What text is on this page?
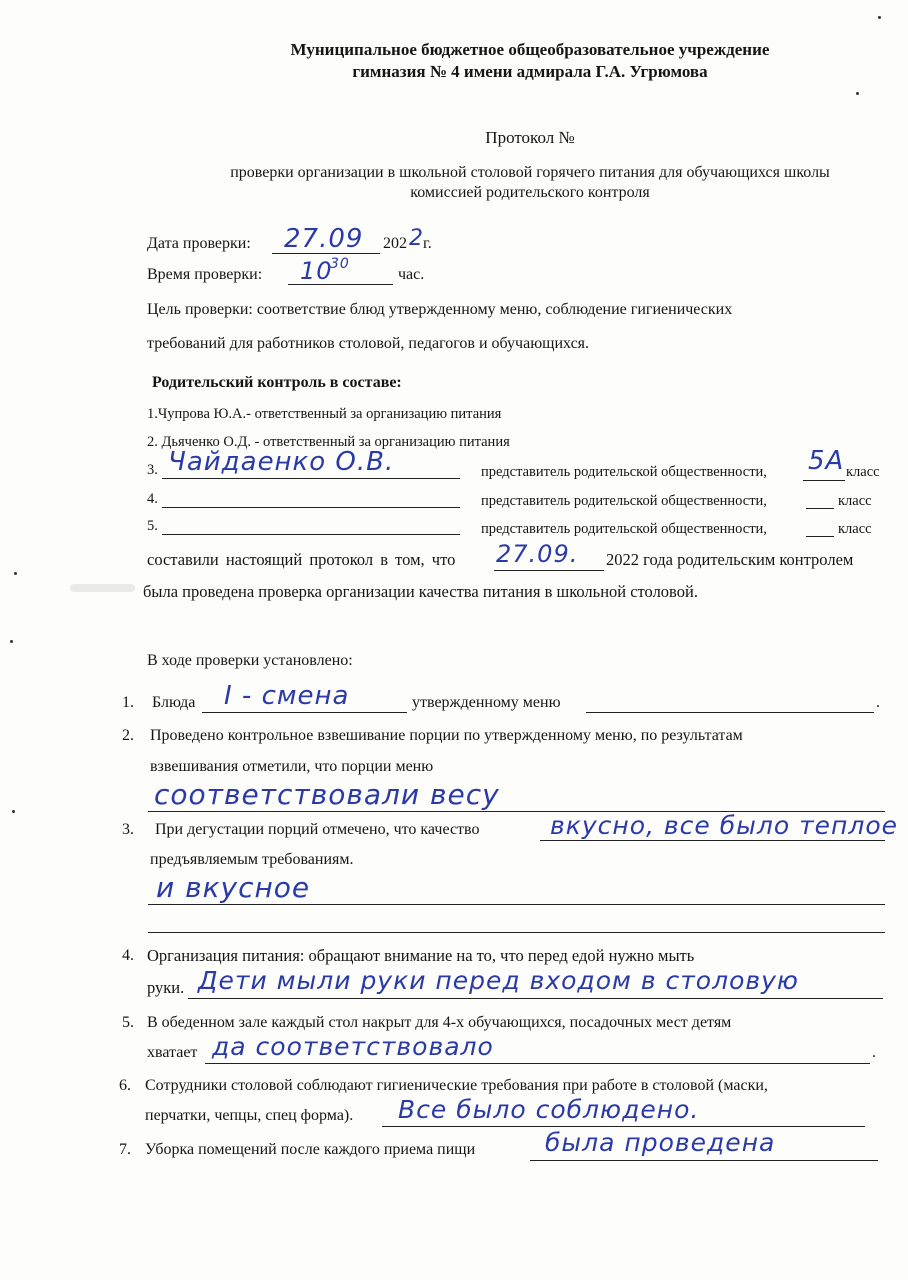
Муниципальное бюджетное общеобразовательное учреждение
гимназия № 4 имени адмирала Г.А. Угрюмова
Протокол №
проверки организации в школьной столовой горячего питания для обучающихся школы
комиссией родительского контроля
Дата проверки: 27.09 202 2 г.
Время проверки: 10
30
час.
Цель проверки: соответствие блюд утвержденному меню, соблюдение гигиенических
требований для работников столовой, педагогов и обучающихся.
Родительский контроль в составе:
1.Чупрова Ю.А.- ответственный за организацию питания
2. Дьяченко О.Д. - ответственный за организацию питания
3. Чайдаенко О.В.	представитель родительской общественности, 5А класс
4.	представитель родительской общественности,	класс
5.	представитель родительской общественности,	класс
составили настоящий протокол в том, что 27.09. 2022 года родительским контролем
была проведена проверка организации качества питания в школьной столовой.
В ходе проверки установлено:
1. Блюда I - смена	утвержденному меню	.
2. Проведено контрольное взвешивание порции по утвержденному меню, по результатам
взвешивания отметили, что порции меню
соответствовали весу
3. При дегустации порций отмечено, что качество	вкусно, все было теплое
предъявляемым требованиям.
и вкусное
4. Организация питания: обращают внимание на то, что перед едой нужно мыть
руки. Дети мыли руки перед входом в столовую
5. В обеденном зале каждый стол накрыт для 4-х обучающихся, посадочных мест детям
хватает да соответствовало	.
6. Сотрудники столовой соблюдают гигиенические требования при работе в столовой (маски,
перчатки, чепцы, спец форма). Все было соблюдено.
7. Уборка помещений после каждого приема пищи	была проведена
